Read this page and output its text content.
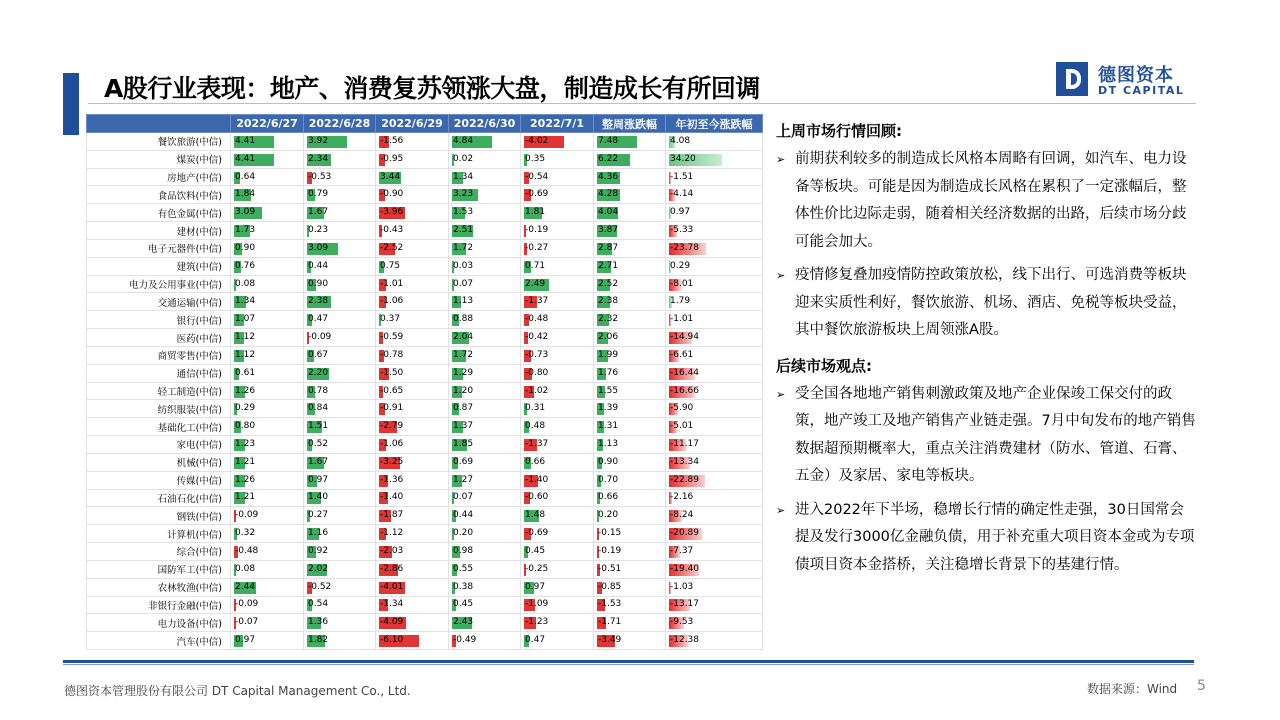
A股行业表现：地产、消费复苏领涨大盘，制造成长有所回调	德图资本
DT CAPITAL
	2022/6/27	2022/6/28	2022/6/29	2022/6/30	2022/7/1	整周涨跌幅	年初至今涨跌幅
餐饮旅游(中信)	4.41	3.92	-1.56	4.84	-4.02	7.48	4.08

煤炭(中信)	4.41	2.34	-0.95	0.02	0.35	6.22	34.20

房地产(中信)	0.64	-0.53	3.44	1.34	-0.54	4.36	-1.51

食品饮料(中信)	1.84	0.79	-0.90	3.23	-0.69	4.28	-4.14

有色金属(中信)	3.09	1.67	-3.96	1.53	1.81	4.04	0.97

建材(中信)	1.73	0.23	-0.43	2.51	-0.19	3.87	-5.33

电子元器件(中信)	0.90	3.09	-2.52	1.72	-0.27	2.87	-23.78

建筑(中信)	0.76	0.44	0.75	0.03	0.71	2.71	0.29

电力及公用事业(中信)	0.08	0.90	-1.01	0.07	2.49	2.52	-8.01

交通运输(中信)	1.34	2.38	-1.06	1.13	-1.37	2.38	1.79

银行(中信)	1.07	0.47	0.37	0.88	-0.48	2.32	-1.01

医药(中信)	1.12	-0.09	-0.59	2.04	-0.42	2.06	-14.94

商贸零售(中信)	1.12	0.67	-0.78	1.72	-0.73	1.99	-6.61

通信(中信)	0.61	2.20	-1.50	1.29	-0.80	1.76	-16.44

轻工制造(中信)	1.26	0.78	-0.65	1.20	-1.02	1.55	-16.66

纺织服装(中信)	0.29	0.84	-0.91	0.87	0.31	1.39	-5.90

基础化工(中信)	0.80	1.51	-2.79	1.37	0.48	1.31	-5.01

家电(中信)	1.23	0.52	-1.06	1.85	-1.37	1.13	-11.17

机械(中信)	1.21	1.67	-3.25	0.69	0.66	0.90	-13.34

传媒(中信)	1.26	0.97	-1.36	1.27	-1.40	0.70	-22.89

石油石化(中信)	1.21	1.40	-1.40	0.07	-0.60	0.66	-2.16

钢铁(中信)	-0.09	0.27	-1.87	0.44	1.48	0.20	-8.24

计算机(中信)	0.32	1.16	-1.12	0.20	-0.69	-0.15	-20.89

综合(中信)	-0.48	0.92	-2.03	0.98	0.45	-0.19	-7.37

国防军工(中信)	0.08	2.02	-2.86	0.55	-0.25	-0.51	-19.40

农林牧渔(中信)	2.44	-0.52	-4.01	0.38	0.97	-0.85	-1.03

非银行金融(中信)	-0.09	0.54	-1.34	0.45	-1.09	-1.53	-13.17

电力设备(中信)	-0.07	1.36	-4.09	2.43	-1.23	-1.71	-9.53

汽车(中信)	0.97	1.82	-6.10	-0.49	0.47	-3.49	-12.38
上周市场行情回顾:
➢ 前期获利较多的制造成长风格本周略有回调，如汽车、电力设备等板块。可能是因为制造成长风格在累积了一定涨幅后，整体性价比边际走弱，随着相关经济数据的出路，后续市场分歧可能会加大。
➢ 疫情修复叠加疫情防控政策放松，线下出行、可选消费等板块迎来实质性利好，餐饮旅游、机场、酒店、免税等板块受益，其中餐饮旅游板块上周领涨A股。
后续市场观点:
➢ 受全国各地地产销售刺激政策及地产企业保竣工保交付的政策，地产竣工及地产销售产业链走强。7月中旬发布的地产销售数据超预期概率大，重点关注消费建材（防水、管道、石膏、五金）及家居、家电等板块。
➢ 进入2022年下半场，稳增长行情的确定性走强，30日国常会提及发行3000亿金融负债，用于补充重大项目资本金或为专项债项目资本金搭桥，关注稳增长背景下的基建行情。
德图资本管理股份有限公司 DT Capital Management Co., Ltd.	数据来源：Wind 5
